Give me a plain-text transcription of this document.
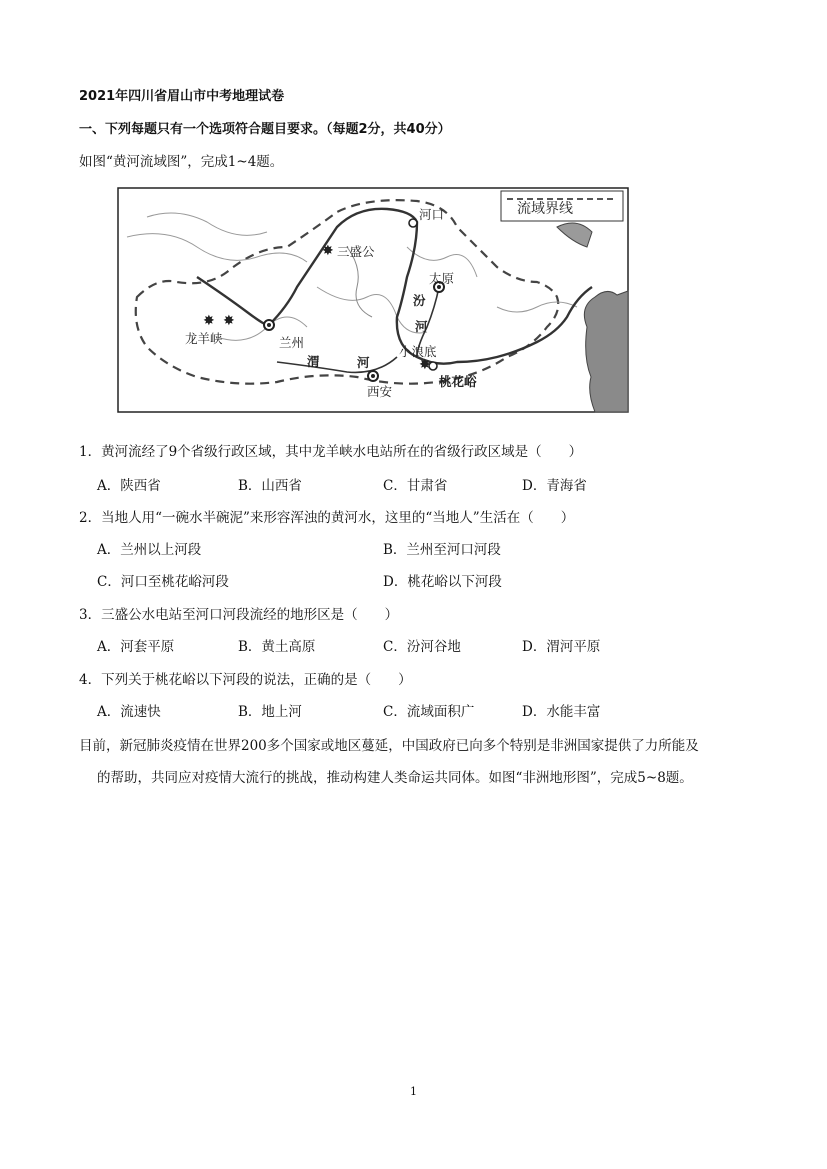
2021年四川省眉山市中考地理试卷
一、下列每题只有一个选项符合题目要求。（每题2分，共40分）
如图“黄河流域图”，完成1~4题。
✸ ✸
✸
✸
流域界线
河口
三盛公
太原
汾
河
龙羊峡	兰州
渭	河
小浪底
西安
桃花峪
1．黄河流经了9个省级行政区域，其中龙羊峡水电站所在的省级行政区域是（　　）
A．陕西省	B．山西省	C．甘肃省	D．青海省
2．当地人用“一碗水半碗泥”来形容浑浊的黄河水，这里的“当地人”生活在（　　）
A．兰州以上河段	B．兰州至河口河段
C．河口至桃花峪河段	D．桃花峪以下河段
3．三盛公水电站至河口河段流经的地形区是（　　）
A．河套平原	B．黄土高原	C．汾河谷地	D．渭河平原
4．下列关于桃花峪以下河段的说法，正确的是（　　）
A．流速快	B．地上河	C．流域面积广	D．水能丰富
目前，新冠肺炎疫情在世界200多个国家或地区蔓延，中国政府已向多个特别是非洲国家提供了力所能及
的帮助，共同应对疫情大流行的挑战，推动构建人类命运共同体。如图“非洲地形图”，完成5~8题。
1
